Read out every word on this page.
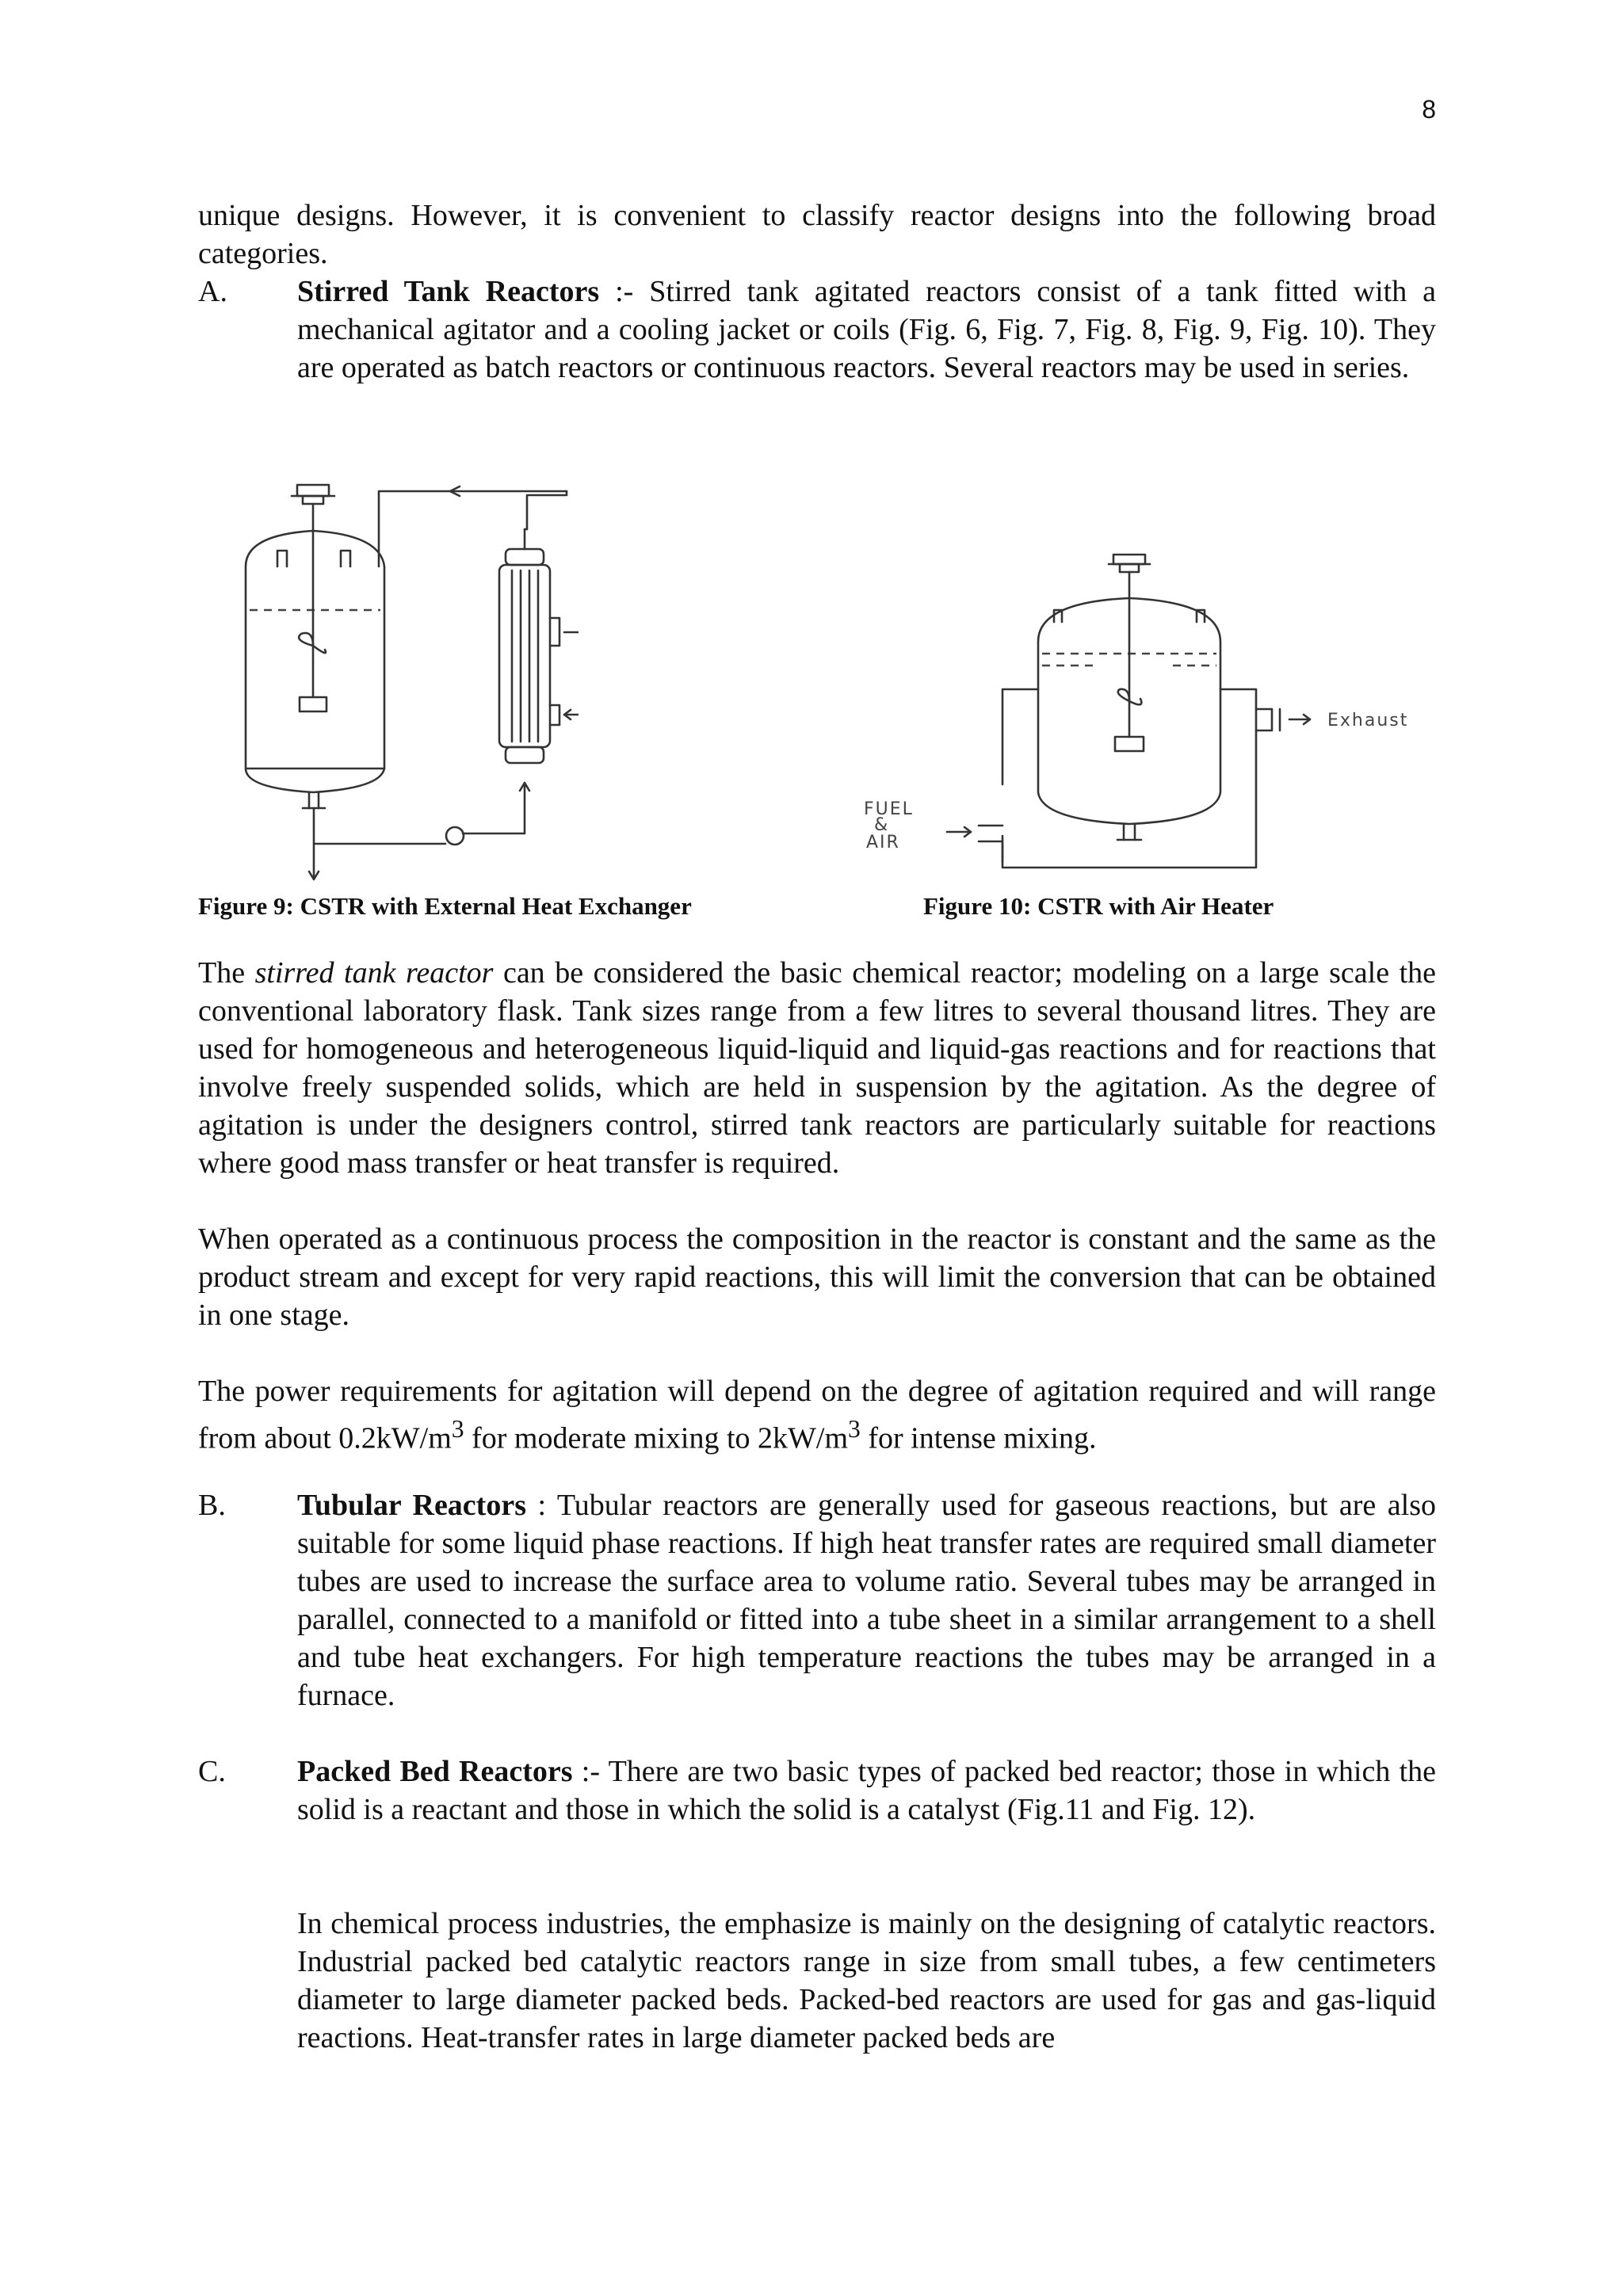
8

unique designs. However, it is convenient to classify reactor designs into the following broad categories.

A. Stirred Tank Reactors :- Stirred tank agitated reactors consist of a tank fitted with a mechanical agitator and a cooling jacket or coils (Fig. 6, Fig. 7, Fig. 8, Fig. 9, Fig. 10). They are operated as batch reactors or continuous reactors. Several reactors may be used in series.
Figure 9: CSTR with External Heat Exchanger
Exhaust
FUEL
&
AIR
Figure 10: CSTR with Air Heater

The stirred tank reactor can be considered the basic chemical reactor; modeling on a large scale the conventional laboratory flask. Tank sizes range from a few litres to several thousand litres. They are used for homogeneous and heterogeneous liquid-liquid and liquid-gas reactions and for reactions that involve freely suspended solids, which are held in suspension by the agitation. As the degree of agitation is under the designers control, stirred tank reactors are particularly suitable for reactions where good mass transfer or heat transfer is required.

When operated as a continuous process the composition in the reactor is constant and the same as the product stream and except for very rapid reactions, this will limit the conversion that can be obtained in one stage.

The power requirements for agitation will depend on the degree of agitation required and will range from about $0.2kW/m^3$ for moderate mixing to $2kW/m^3$ for intense mixing.

B. Tubular Reactors : Tubular reactors are generally used for gaseous reactions, but are also suitable for some liquid phase reactions. If high heat transfer rates are required small diameter tubes are used to increase the surface area to volume ratio. Several tubes may be arranged in parallel, connected to a manifold or fitted into a tube sheet in a similar arrangement to a shell and tube heat exchangers. For high temperature reactions the tubes may be arranged in a furnace.
C. Packed Bed Reactors :- There are two basic types of packed bed reactor; those in which the solid is a reactant and those in which the solid is a catalyst (Fig.11 and Fig. 12).
In chemical process industries, the emphasize is mainly on the designing of catalytic reactors. Industrial packed bed catalytic reactors range in size from small tubes, a few centimeters diameter to large diameter packed beds. Packed-bed reactors are used for gas and gas-liquid reactions. Heat-transfer rates in large diameter packed beds are
